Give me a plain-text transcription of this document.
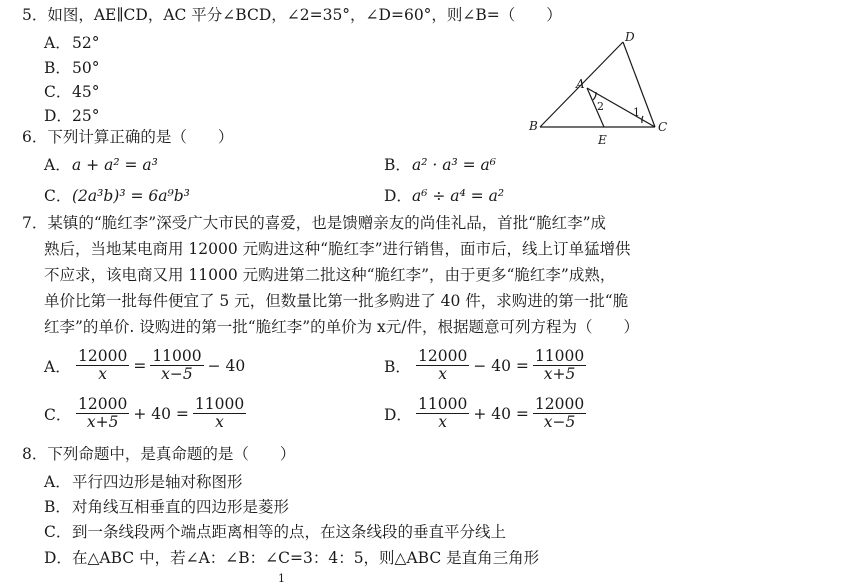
5．如图，AE∥CD，AC 平分∠BCD，∠2=35°，∠D=60°，则∠B=（　　）
A．52°
B．50°
C．45°
D．25°
D
A
B	C
E
2	1
6．下列计算正确的是（　　）
A．a + a² = a³	B．a² · a³ = a⁶
C．(2a³b)³ = 6a⁹b³	D．a⁶ ÷ a⁴ = a²
7．某镇的“脆红李”深受广大市民的喜爱，也是馈赠亲友的尚佳礼品，首批“脆红李”成
熟后，当地某电商用 12000 元购进这种“脆红李”进行销售，面市后，线上订单猛增供
不应求，该电商又用 11000 元购进第二批这种“脆红李”，由于更多“脆红李”成熟，
单价比第一批每件便宜了 5 元，但数量比第一批多购进了 40 件，求购进的第一批“脆
红李”的单价. 设购进的第一批“脆红李”的单价为 x元/件，根据题意可列方程为（　　）
A． $\frac{12000}{x} = \frac{11000}{x-5} - 40$	B． $\frac{12000}{x} - 40 = \frac{11000}{x+5}$
C． $\frac{12000}{x+5} + 40 = \frac{11000}{x}$	D． $\frac{11000}{x} + 40 = \frac{12000}{x-5}$
8．下列命题中，是真命题的是（　　）
A．平行四边形是轴对称图形
B．对角线互相垂直的四边形是菱形
C．到一条线段两个端点距离相等的点，在这条线段的垂直平分线上
D．在△ABC 中，若∠A：∠B：∠C=3：4：5，则△ABC 是直角三角形
1
